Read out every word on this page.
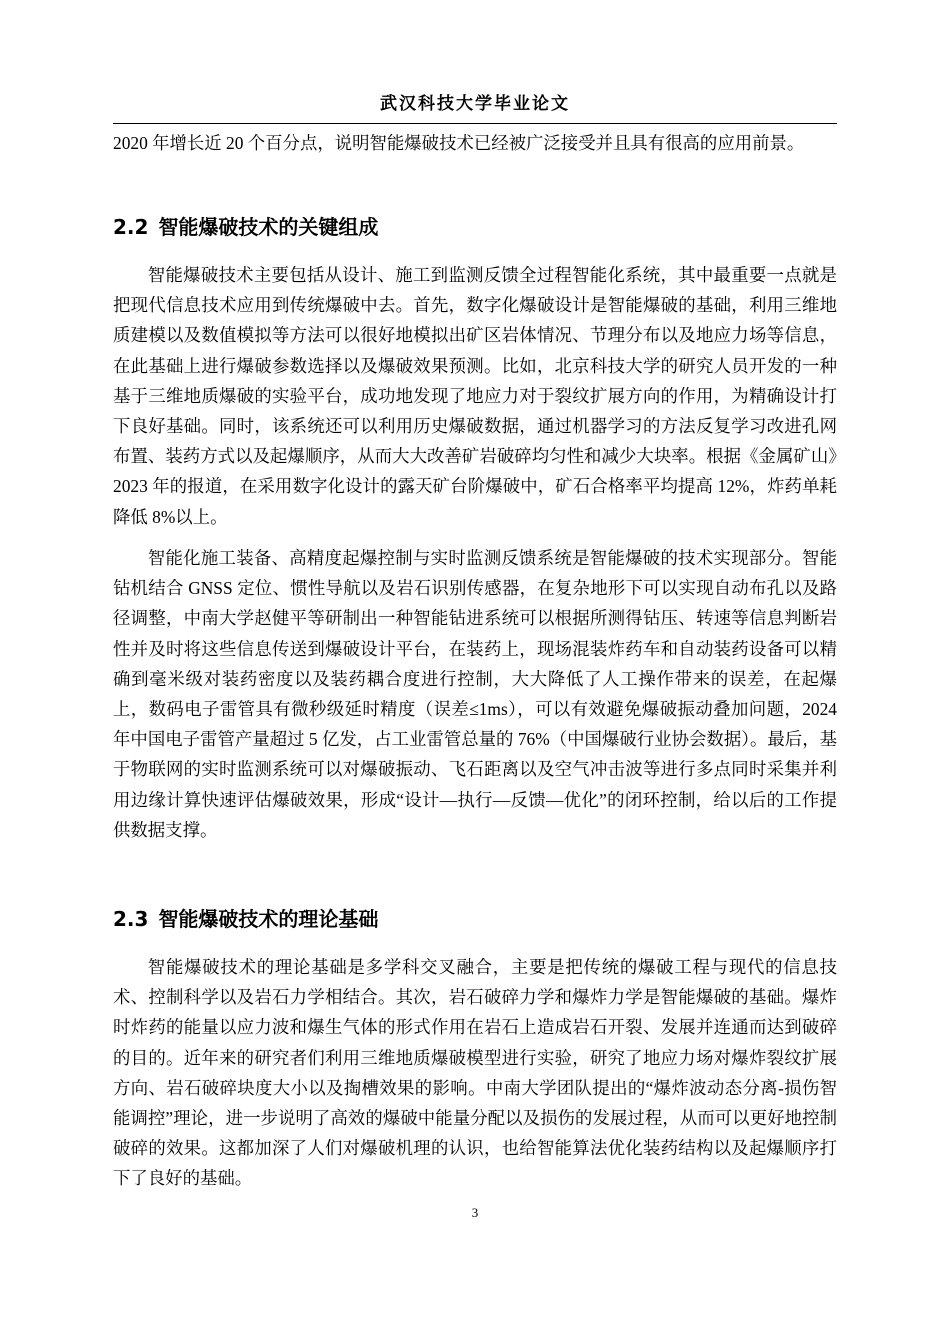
武汉科技大学毕业论文

2020 年增长近 20 个百分点，说明智能爆破技术已经被广泛接受并且具有很高的应用前景。

2.2 智能爆破技术的关键组成

智能爆破技术主要包括从设计、施工到监测反馈全过程智能化系统，其中最重要一点就是把现代信息技术应用到传统爆破中去。首先，数字化爆破设计是智能爆破的基础，利用三维地质建模以及数值模拟等方法可以很好地模拟出矿区岩体情况、节理分布以及地应力场等信息，在此基础上进行爆破参数选择以及爆破效果预测。比如，北京科技大学的研究人员开发的一种基于三维地质爆破的实验平台，成功地发现了地应力对于裂纹扩展方向的作用，为精确设计打下良好基础。同时，该系统还可以利用历史爆破数据，通过机器学习的方法反复学习改进孔网布置、装药方式以及起爆顺序，从而大大改善矿岩破碎均匀性和减少大块率。根据《金属矿山》2023 年的报道，在采用数字化设计的露天矿台阶爆破中，矿石合格率平均提高 12%，炸药单耗降低 8%以上。

智能化施工装备、高精度起爆控制与实时监测反馈系统是智能爆破的技术实现部分。智能钻机结合 GNSS 定位、惯性导航以及岩石识别传感器，在复杂地形下可以实现自动布孔以及路径调整，中南大学赵健平等研制出一种智能钻进系统可以根据所测得钻压、转速等信息判断岩性并及时将这些信息传送到爆破设计平台，在装药上，现场混装炸药车和自动装药设备可以精确到毫米级对装药密度以及装药耦合度进行控制，大大降低了人工操作带来的误差，在起爆上，数码电子雷管具有微秒级延时精度（误差≤1ms），可以有效避免爆破振动叠加问题，2024 年中国电子雷管产量超过 5 亿发，占工业雷管总量的 76%（中国爆破行业协会数据）。最后，基于物联网的实时监测系统可以对爆破振动、飞石距离以及空气冲击波等进行多点同时采集并利用边缘计算快速评估爆破效果，形成“设计—执行—反馈—优化”的闭环控制，给以后的工作提供数据支撑。

2.3 智能爆破技术的理论基础

智能爆破技术的理论基础是多学科交叉融合，主要是把传统的爆破工程与现代的信息技术、控制科学以及岩石力学相结合。其次，岩石破碎力学和爆炸力学是智能爆破的基础。爆炸时炸药的能量以应力波和爆生气体的形式作用在岩石上造成岩石开裂、发展并连通而达到破碎的目的。近年来的研究者们利用三维地质爆破模型进行实验，研究了地应力场对爆炸裂纹扩展方向、岩石破碎块度大小以及掏槽效果的影响。中南大学团队提出的“爆炸波动态分离-损伤智能调控”理论，进一步说明了高效的爆破中能量分配以及损伤的发展过程，从而可以更好地控制破碎的效果。这都加深了人们对爆破机理的认识，也给智能算法优化装药结构以及起爆顺序打下了良好的基础。

3
